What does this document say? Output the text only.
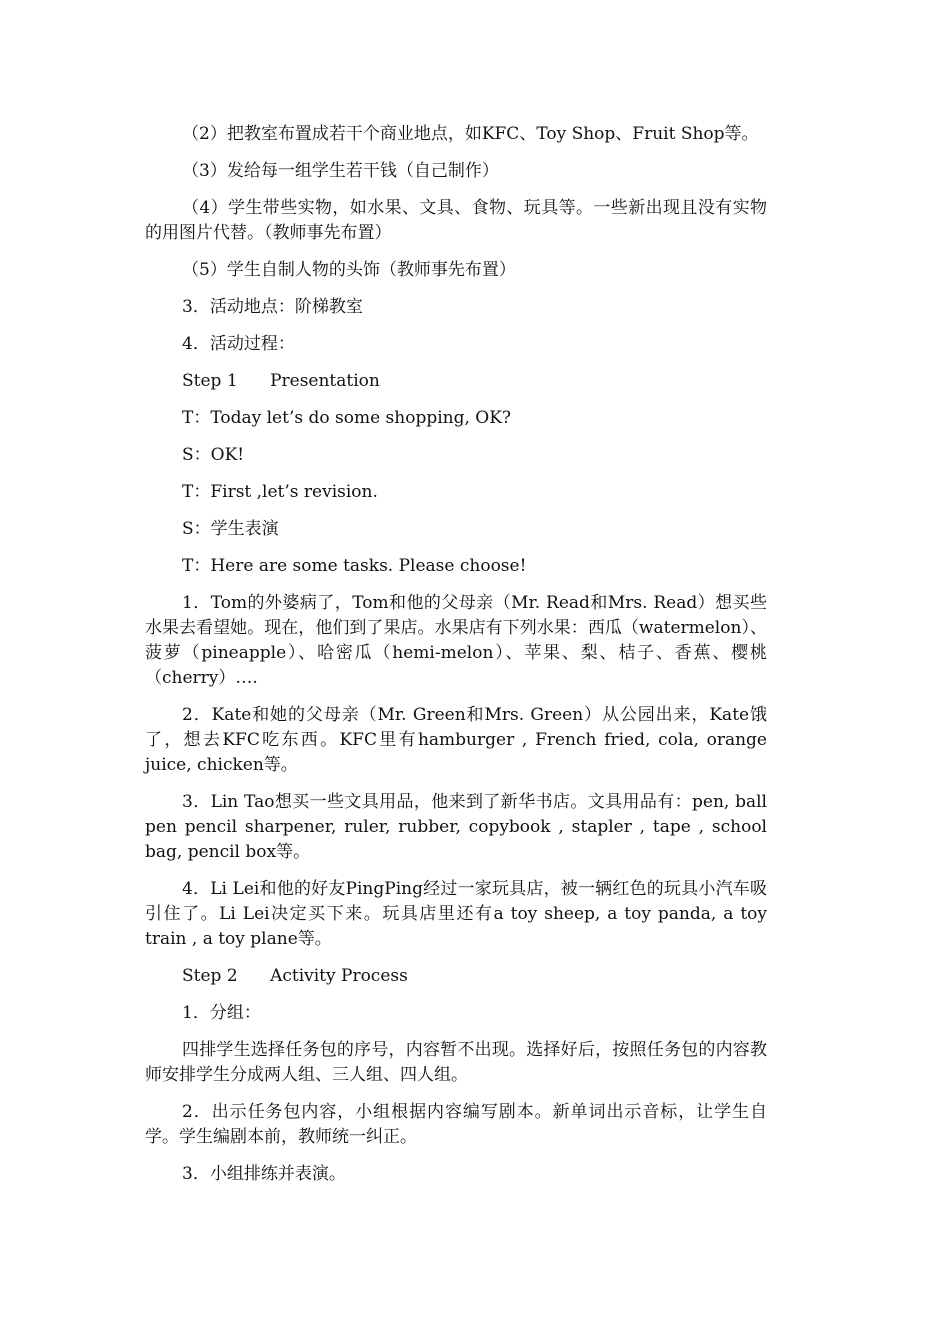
（2）把教室布置成若干个商业地点，如KFC、Toy Shop、Fruit Shop等。

（3）发给每一组学生若干钱（自己制作）

（4）学生带些实物，如水果、文具、食物、玩具等。一些新出现且没有实物的用图片代替。（教师事先布置）

（5）学生自制人物的头饰（教师事先布置）

3．活动地点：阶梯教室

4．活动过程：

Step 1      Presentation

T：Today let’s do some shopping, OK?

S：OK!

T：First ,let’s revision.

S：学生表演

T：Here are some tasks. Please choose!

1．Tom的外婆病了，Tom和他的父母亲（Mr. Read和Mrs. Read）想买些水果去看望她。现在，他们到了果店。水果店有下列水果：西瓜（watermelon）、菠萝（pineapple）、哈密瓜（hemi-melon）、苹果、梨、桔子、香蕉、樱桃（cherry）….

2．Kate和她的父母亲（Mr. Green和Mrs. Green）从公园出来，Kate饿了，想去KFC吃东西。KFC里有hamburger , French fried, cola, orange juice, chicken等。

3．Lin Tao想买一些文具用品，他来到了新华书店。文具用品有：pen, ball pen pencil sharpener, ruler, rubber, copybook , stapler , tape , school bag, pencil box等。

4．Li Lei和他的好友PingPing经过一家玩具店，被一辆红色的玩具小汽车吸引住了。Li Lei决定买下来。玩具店里还有a toy sheep, a toy panda, a toy train , a toy plane等。

Step 2      Activity Process

1．分组：

四排学生选择任务包的序号，内容暂不出现。选择好后，按照任务包的内容教师安排学生分成两人组、三人组、四人组。

2．出示任务包内容，小组根据内容编写剧本。新单词出示音标，让学生自学。学生编剧本前，教师统一纠正。

3．小组排练并表演。
